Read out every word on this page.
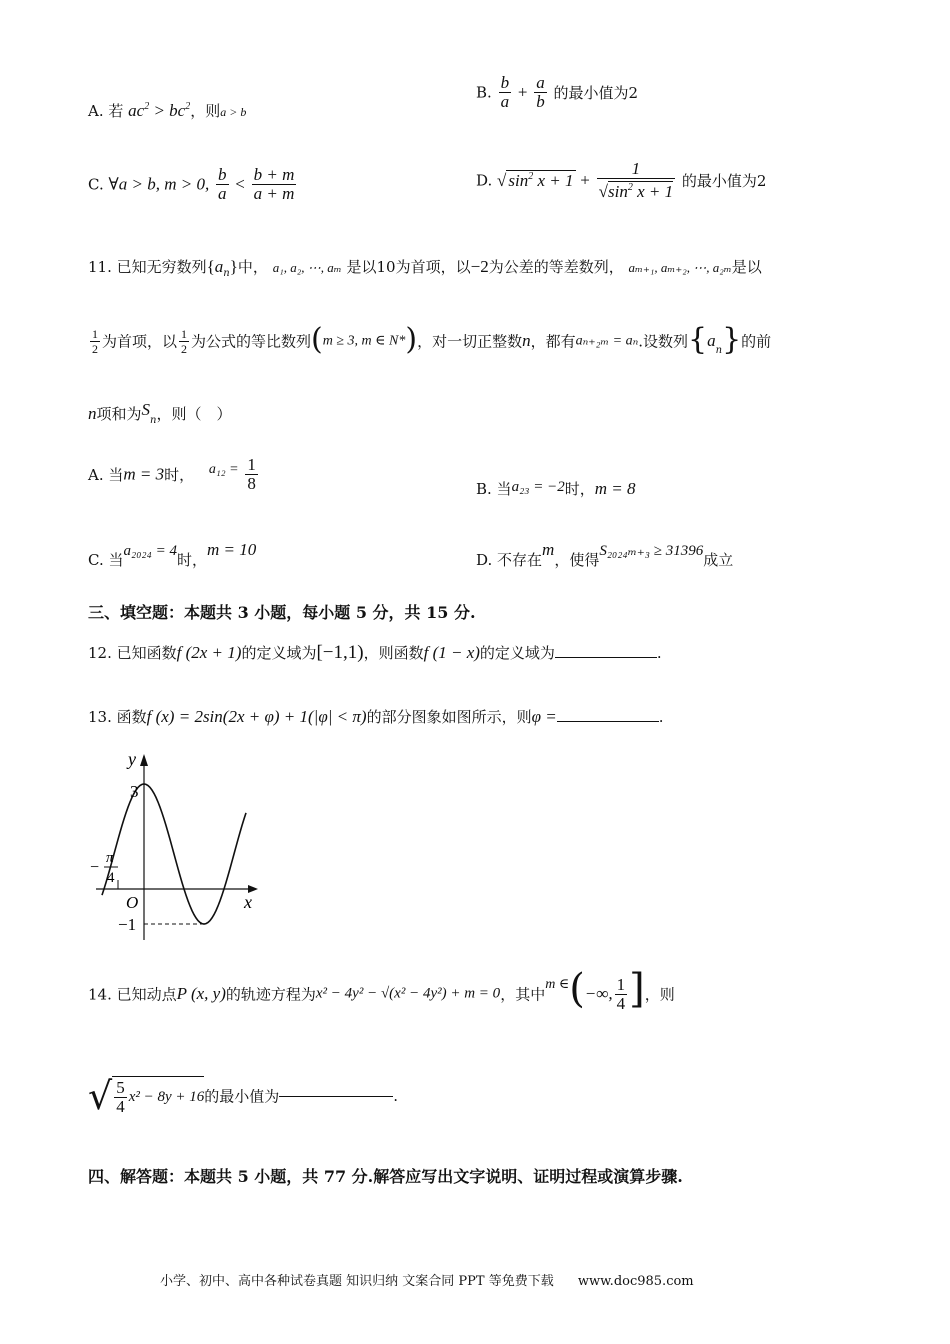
A. 若 $ac^2 > bc^2$，则a > b
B. $\frac{b}{a} + \frac{a}{b}$ 的最小值为2
C. ∀a > b, m > 0, $\frac{b}{a} < \frac{b + m}{a + m}$	D. √ $\sin^2 x + 1 + \frac{1}{√\sin^2 x + 1}$ 的最小值为2
11. 已知无穷数列$\{a_n\}$中， a₁, a₂, ⋯, aₘ 是以10为首项，以−2为公差的等差数列， aₘ₊₁, aₘ₊₂, ⋯, a₂ₘ是以
$\frac{1}{2}$ 为首项，以 $\frac{1}{2}$ 为公式的等比数列(m ≥ 3, m ∈ N*)，对一切正整数n，都有aₙ₊₂ₘ = aₙ.设数列$\{a_n\}$的前
n项和为$S_n$，则（　）
A. 当m = 3时， $a_{12} = \frac{1}{8}$	B. 当a₂₃ = −2时，m = 8
C. 当a₂₀₂₄ = 4时，m = 10
D. 不存在m，使得S₂₀₂₄ₘ₊₃ ≥ 31396成立
三、填空题：本题共 3 小题，每小题 5 分，共 15 分.
12. 已知函数f (2x + 1)的定义域为[−1,1)，则函数f (1 − x)的定义域为	.
13. 函数f (x) = 2sin(2x + φ) + 1(|φ| < π)的部分图象如图所示，则φ =	.
y
x
O
3
−1
−
π
4
14. 已知动点P (x, y)的轨迹方程为x² − 4y² − √(x² − 4y²) + m = 0，其中m ∈(−∞, $\frac{1}{4}$ ]，则
√ $\frac{5}{4} x^2 - 8y + 16$的最小值为	.
四、解答题：本题共 5 小题，共 77 分.解答应写出文字说明、证明过程或演算步骤.
小学、初中、高中各种试卷真题 知识归纳 文案合同 PPT 等免费下载 www.doc985.com
